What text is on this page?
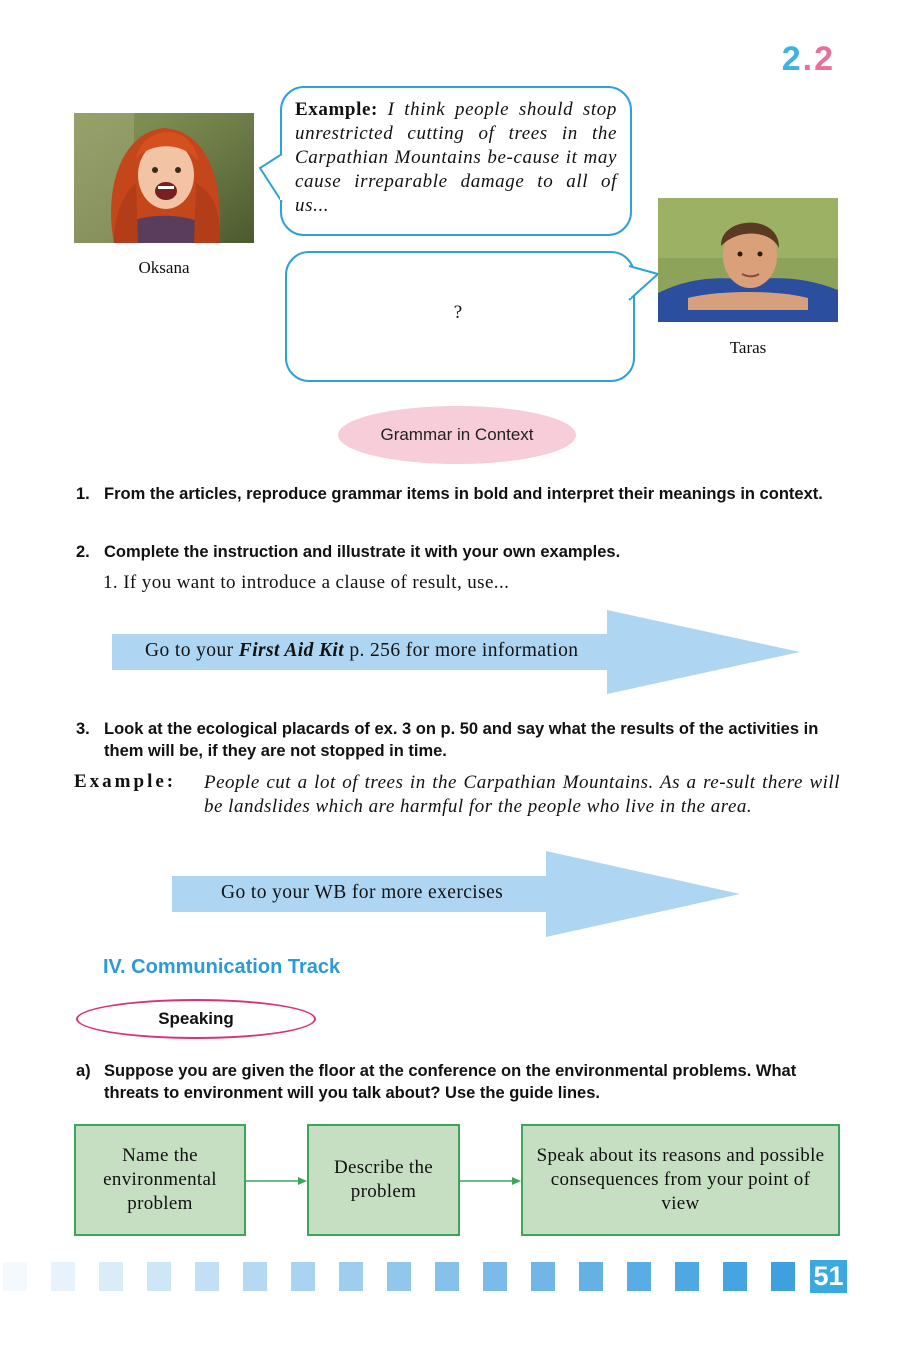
2.2
Oksana
Example: I think people should stop unrestricted cutting of trees in the Carpathian Mountains be-cause it may cause irreparable damage to all of us...
?
Taras
Grammar in Context
1. From the articles, reproduce grammar items in bold and interpret their meanings in context.
2. Complete the instruction and illustrate it with your own examples.
1. If you want to introduce a clause of result, use...
Go to your First Aid Kit p. 256 for more information
3. Look at the ecological placards of ex. 3 on p. 50 and say what the results of the activities in them will be, if they are not stopped in time.
Example: People cut a lot of trees in the Carpathian Mountains. As a re-sult there will be landslides which are harmful for the people who live in the area.
Go to your WB for more exercises
IV. Communication Track
Speaking
a) Suppose you are given the floor at the conference on the environmental problems. What threats to environment will you talk about? Use the guide lines.
Name the environmental problem
Describe the problem
Speak about its reasons and possible consequences from your point of view
51
